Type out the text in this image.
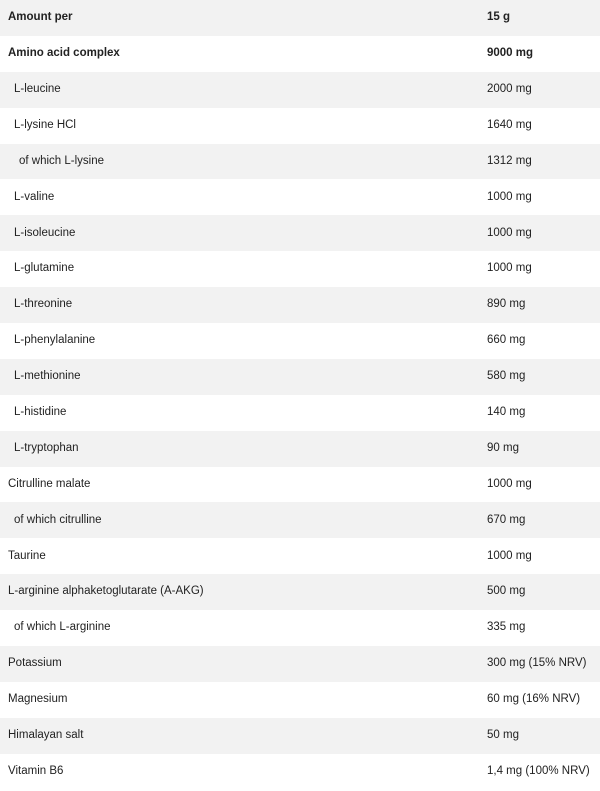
Amount per	15 g
Amino acid complex	9000 mg
L-leucine	2000 mg
L-lysine HCl	1640 mg
of which L-lysine	1312 mg
L-valine	1000 mg
L-isoleucine	1000 mg
L-glutamine	1000 mg
L-threonine	890 mg
L-phenylalanine	660 mg
L-methionine	580 mg
L-histidine	140 mg
L-tryptophan	90 mg
Citrulline malate	1000 mg
of which citrulline	670 mg
Taurine	1000 mg
L-arginine alphaketoglutarate (A-AKG)	500 mg
of which L-arginine	335 mg
Potassium	300 mg (15% NRV)
Magnesium	60 mg (16% NRV)
Himalayan salt	50 mg
Vitamin B6	1,4 mg (100% NRV)
